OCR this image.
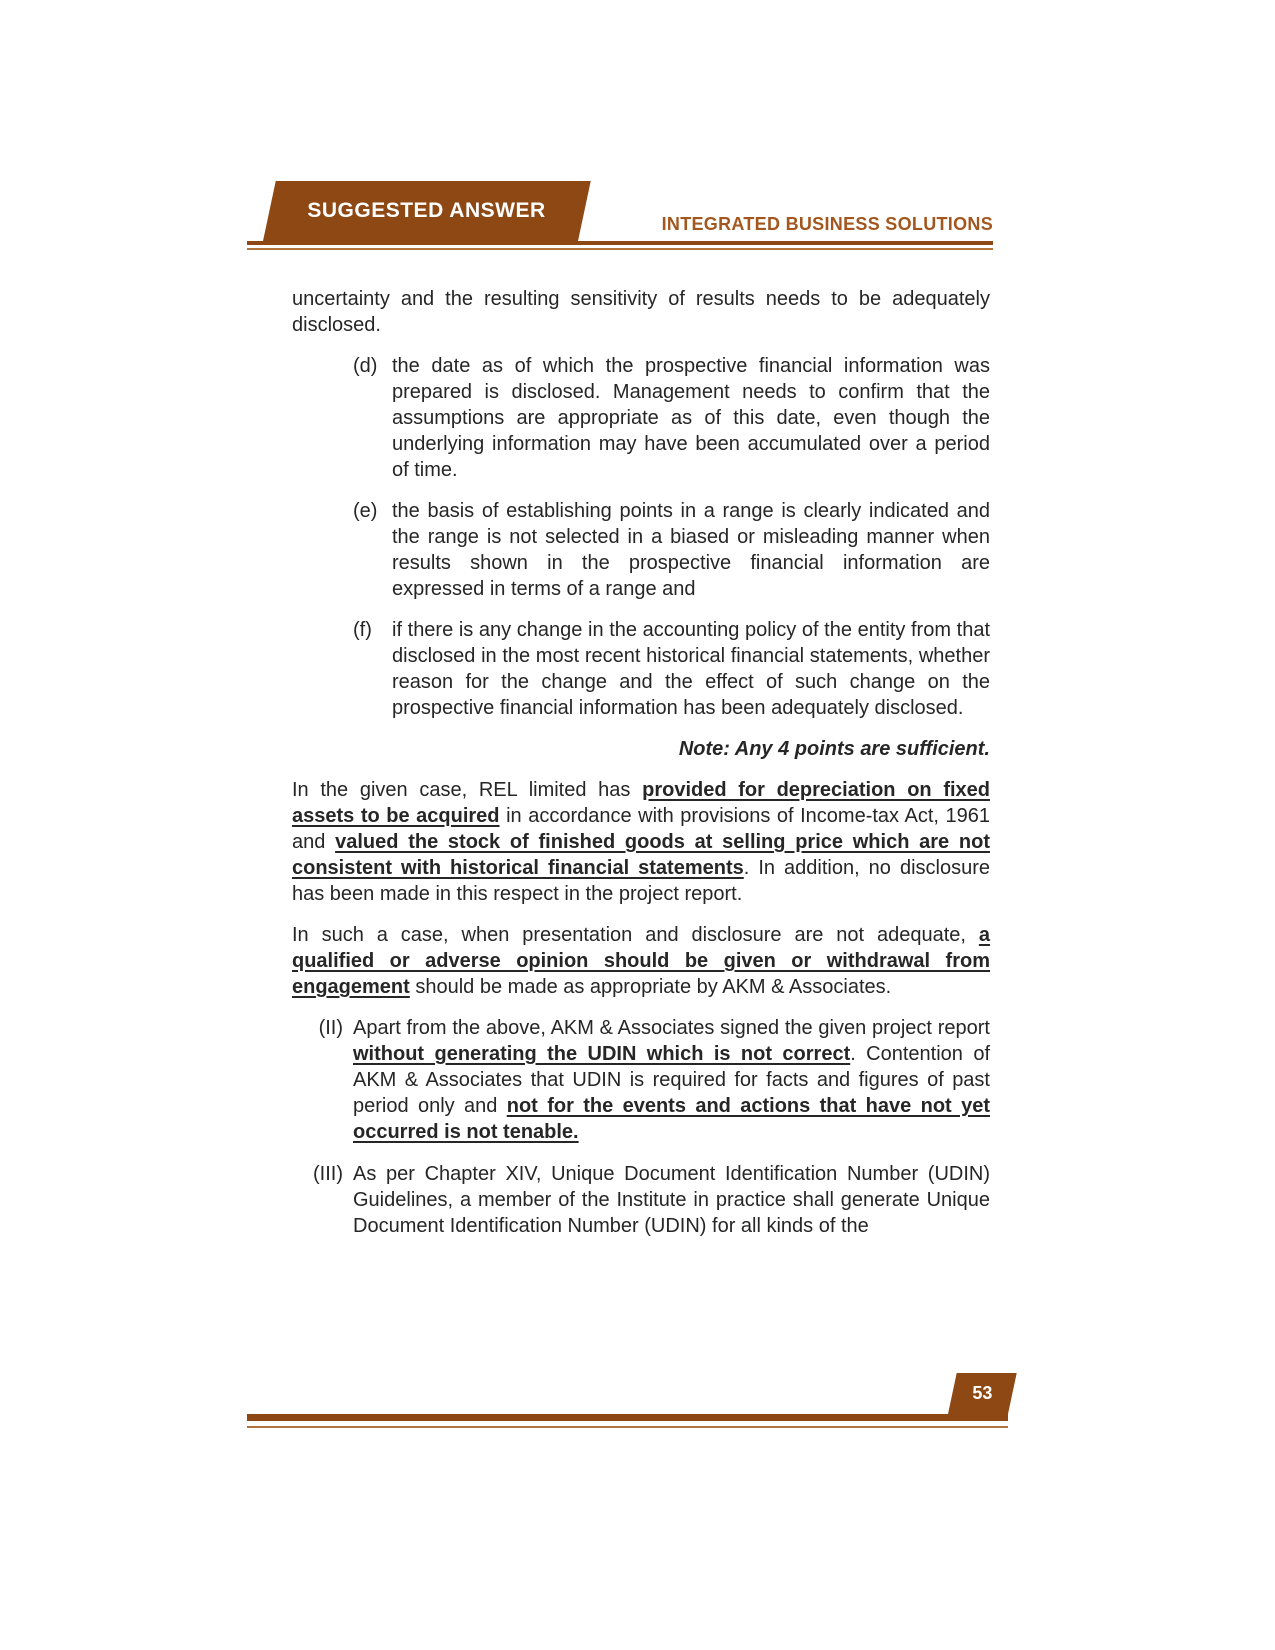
SUGGESTED ANSWER
INTEGRATED BUSINESS SOLUTIONS

uncertainty and the resulting sensitivity of results needs to be adequately disclosed.

(d) the date as of which the prospective financial information was prepared is disclosed. Management needs to confirm that the assumptions are appropriate as of this date, even though the underlying information may have been accumulated over a period of time.
(e) the basis of establishing points in a range is clearly indicated and the range is not selected in a biased or misleading manner when results shown in the prospective financial information are expressed in terms of a range and
(f)	if there is any change in the accounting policy of the entity from that disclosed in the most recent historical financial statements, whether reason for the change and the effect of such change on the prospective financial information has been adequately disclosed.

Note: Any 4 points are sufficient.

In the given case, REL limited has provided for depreciation on fixed assets to be acquired in accordance with provisions of Income-tax Act, 1961 and valued the stock of finished goods at selling price which are not consistent with historical financial statements. In addition, no disclosure has been made in this respect in the project report.

In such a case, when presentation and disclosure are not adequate, a qualified or adverse opinion should be given or withdrawal from engagement should be made as appropriate by AKM & Associates.

(II) Apart from the above, AKM & Associates signed the given project report without generating the UDIN which is not correct. Contention of AKM & Associates that UDIN is required for facts and figures of past period only and not for the events and actions that have not yet occurred is not tenable.
(III) As per Chapter XIV, Unique Document Identification Number (UDIN) Guidelines, a member of the Institute in practice shall generate Unique Document Identification Number (UDIN) for all kinds of the
53
